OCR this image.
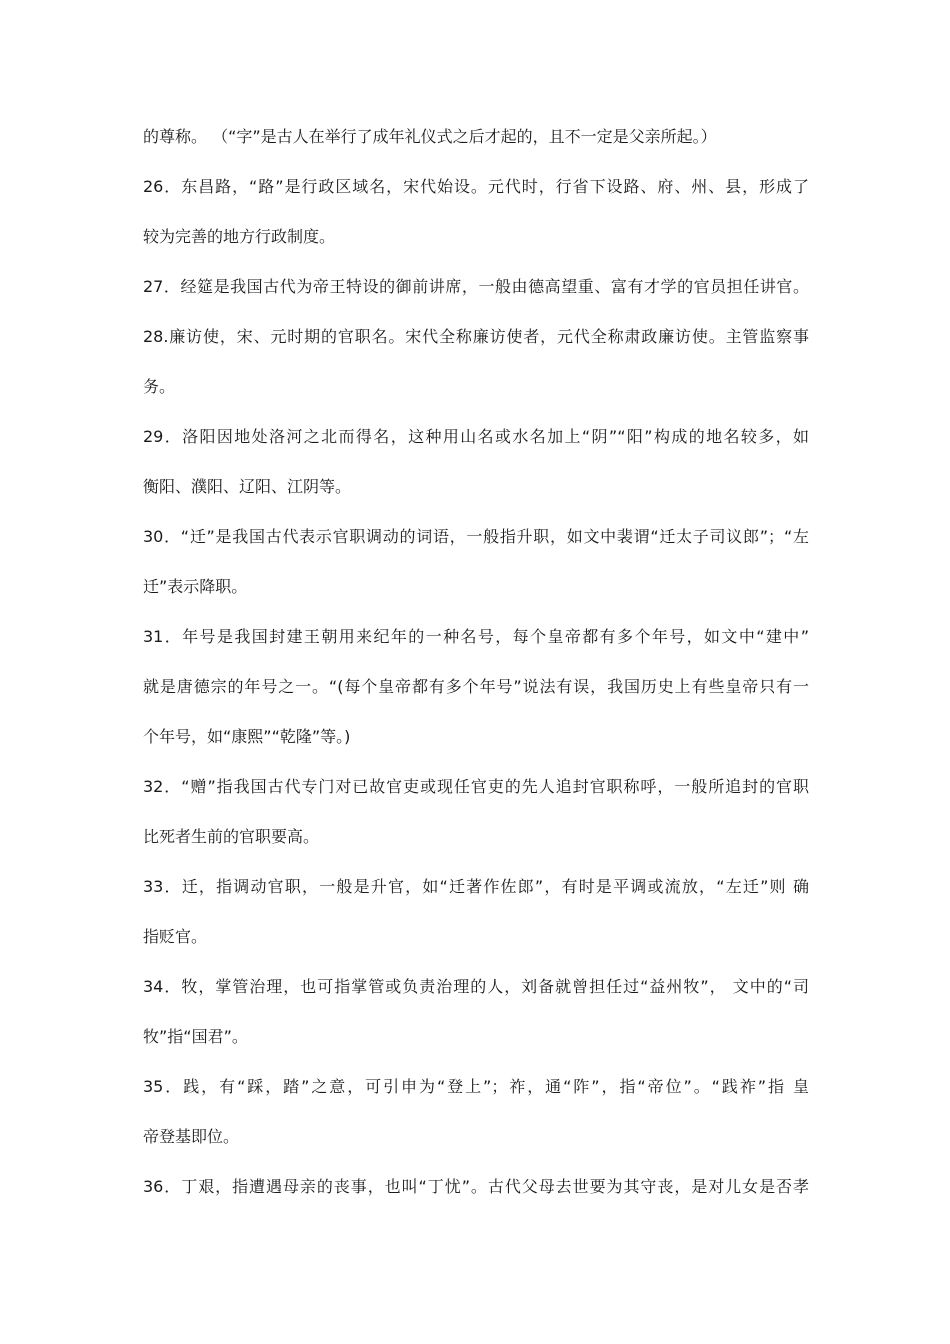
的尊称。 （“字”是古人在举行了成年礼仪式之后才起的，且不一定是父亲所起。）
26．东昌路，“路”是行政区域名，宋代始设。元代时，行省下设路、府、州、县，形成了
较为完善的地方行政制度。
27．经筵是我国古代为帝王特设的御前讲席，一般由德高望重、富有才学的官员担任讲官。
28.廉访使，宋、元时期的官职名。宋代全称廉访使者，元代全称肃政廉访使。主管监察事
务。
29．洛阳因地处洛河之北而得名，这种用山名或水名加上“阴”“阳”构成的地名较多，如
衡阳、濮阳、辽阳、江阴等。
30．“迁”是我国古代表示官职调动的词语，一般指升职，如文中裴谓“迁太子司议郎”；“左
迁”表示降职。
31．年号是我国封建王朝用来纪年的一种名号，每个皇帝都有多个年号，如文中“建中”
就是唐德宗的年号之一。“(每个皇帝都有多个年号”说法有误，我国历史上有些皇帝只有一
个年号，如“康熙”“乾隆”等。)
32．“赠”指我国古代专门对已故官吏或现任官吏的先人追封官职称呼，一般所追封的官职
比死者生前的官职要高。
33．迁，指调动官职，一般是升官，如“迁著作佐郎”，有时是平调或流放，“左迁”则 确
指贬官。
34．牧，掌管治理，也可指掌管或负责治理的人，刘备就曾担任过“益州牧”， 文中的“司
牧”指“国君”。
35．践，有“踩，踏”之意，可引申为“登上”；祚，通“阼”，指“帝位”。“践祚”指 皇
帝登基即位。
36．丁艰，指遭遇母亲的丧事，也叫“丁忧”。古代父母去世要为其守丧，是对儿女是否孝
